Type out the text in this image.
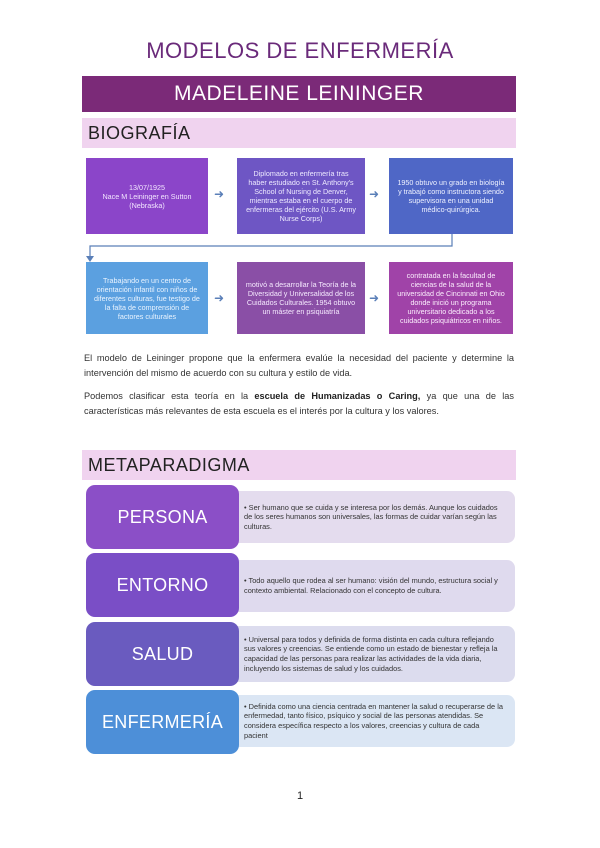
MODELOS DE ENFERMERÍA
MADELEINE LEININGER
BIOGRAFÍA
13/07/1925
Nace M Leininger en Sutton (Nebraska)
➜
Diplomado en enfermería tras haber estudiado en St. Anthony's School of Nursing de Denver, mientras estaba en el cuerpo de enfermeras del ejército (U.S. Army Nurse Corps)
➜
1950 obtuvo un grado en biología y trabajó como instructora siendo supervisora en una unidad médico-quirúrgica.
Trabajando en un centro de orientación infantil con niños de diferentes culturas, fue testigo de la falta de comprensión de factores culturales
➜
motivó a desarrollar la Teoría de la Diversidad y Universalidad de los Cuidados Culturales. 1954 obtuvo un máster en psiquiatría
➜
contratada en la facultad de ciencias de la salud de la universidad de Cincinnati en Ohio donde inició un programa universitario dedicado a los cuidados psiquiátricos en niños.
El modelo de Leininger propone que la enfermera evalúe la necesidad del paciente y determine la intervención del mismo de acuerdo con su cultura y estilo de vida.
Podemos clasificar esta teoría en la escuela de Humanizadas o Caring, ya que una de las características más relevantes de esta escuela es el interés por la cultura y los valores.
METAPARADIGMA
• Ser humano que se cuida y se interesa por los demás. Aunque los cuidados de los seres humanos son universales, las formas de cuidar varían según las culturas.
PERSONA
• Todo aquello que rodea al ser humano: visión del mundo, estructura social y contexto ambiental. Relacionado con el concepto de cultura.
ENTORNO
• Universal para todos y definida de forma distinta en cada cultura reflejando sus valores y creencias. Se entiende como un estado de bienestar y refleja la capacidad de las personas para realizar las actividades de la vida diaria, incluyendo los sistemas de salud y los cuidados.
SALUD
• Definida como una ciencia centrada en mantener la salud o recuperarse de la enfermedad, tanto físico, psíquico y social de las personas atendidas. Se considera específica respecto a los valores, creencias y cultura de cada pacient
ENFERMERÍA
1
